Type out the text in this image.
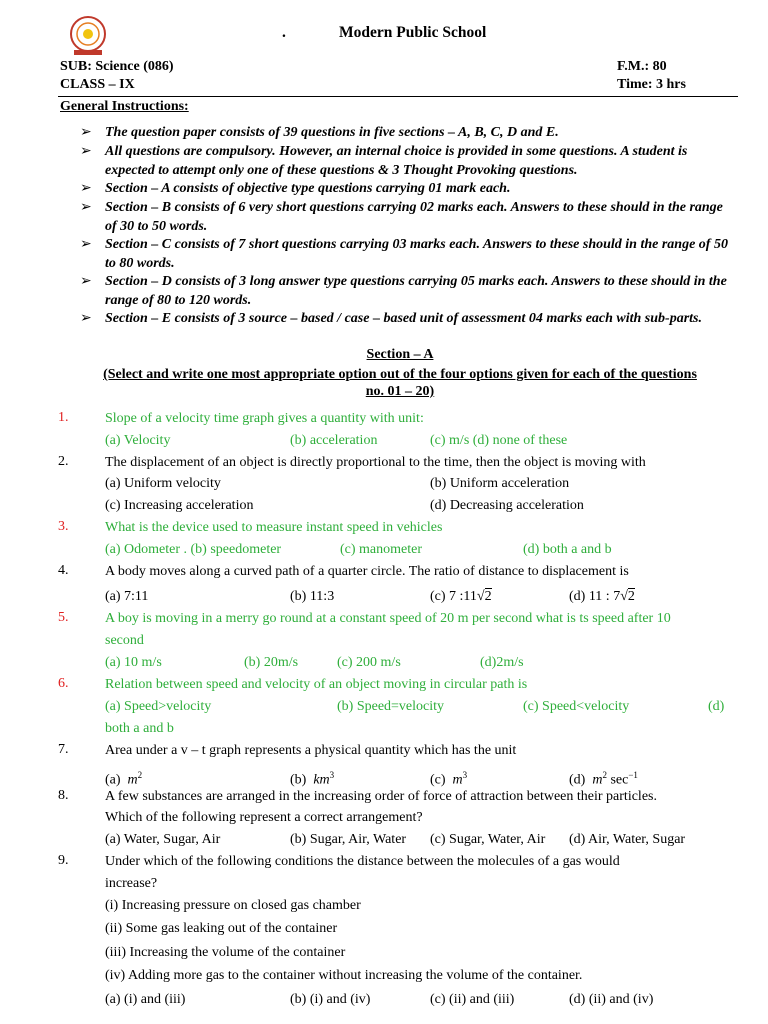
.	Modern Public School
SUB: Science (086)	F.M.: 80
CLASS – IX	Time: 3 hrs
General Instructions:
➢ The question paper consists of 39 questions in five sections – A, B, C, D and E.
➢ All questions are compulsory. However, an internal choice is provided in some questions. A student is expected to attempt only one of these questions & 3 Thought Provoking questions.
➢ Section – A consists of objective type questions carrying 01 mark each.
➢ Section – B consists of 6 very short questions carrying 02 marks each. Answers to these should in the range of 30 to 50 words.
➢ Section – C consists of 7 short questions carrying 03 marks each. Answers to these should in the range of 50 to 80 words.
➢ Section – D consists of 3 long answer type questions carrying 05 marks each. Answers to these should in the range of 80 to 120 words.
➢ Section – E consists of 3 source – based / case – based unit of assessment 04 marks each with sub-parts.
Section – A
(Select and write one most appropriate option out of the four options given for each of the questions
no. 01 – 20)
1.	Slope of a velocity time graph gives a quantity with unit:
(a) Velocity	(b) acceleration	(c) m/s (d) none of these
2.	The displacement of an object is directly proportional to the time, then the object is moving with
(a) Uniform velocity	(b) Uniform acceleration
(c) Increasing acceleration	(d) Decreasing acceleration
3.	What is the device used to measure instant speed in vehicles
(a) Odometer . (b) speedometer	(c) manometer	(d) both a and b
4.	A body moves along a curved path of a quarter circle. The ratio of distance to displacement is
(a) 7:11	(b) 11:3	(c) 7 :11√2	(d) 11 : 7√2
5.	A boy is moving in a merry go round at a constant speed of 20 m per second what is ts speed after 10
second
(a) 10 m/s	(b) 20m/s	(c) 200 m/s	(d)2m/s
6.	Relation between speed and velocity of an object moving in circular path is
(a) Speed>velocity	(b) Speed=velocity	(c) Speed<velocity	(d)
both a and b
7.	Area under a v – t graph represents a physical quantity which has the unit
(a) $m^2$	(b) $km^3$	(c) $m^3$	(d) $m^2$ $\sec^{-1}$
8.	A few substances are arranged in the increasing order of force of attraction between their particles.
Which of the following represent a correct arrangement?
(a) Water, Sugar, Air	(b) Sugar, Air, Water (c) Sugar, Water, Air (d) Air, Water, Sugar
9.	Under which of the following conditions the distance between the molecules of a gas would
increase?
(i) Increasing pressure on closed gas chamber
(ii) Some gas leaking out of the container
(iii) Increasing the volume of the container
(iv) Adding more gas to the container without increasing the volume of the container.
(a) (i) and (iii)	(b) (i) and (iv)	(c) (ii) and (iii)	(d) (ii) and (iv)
